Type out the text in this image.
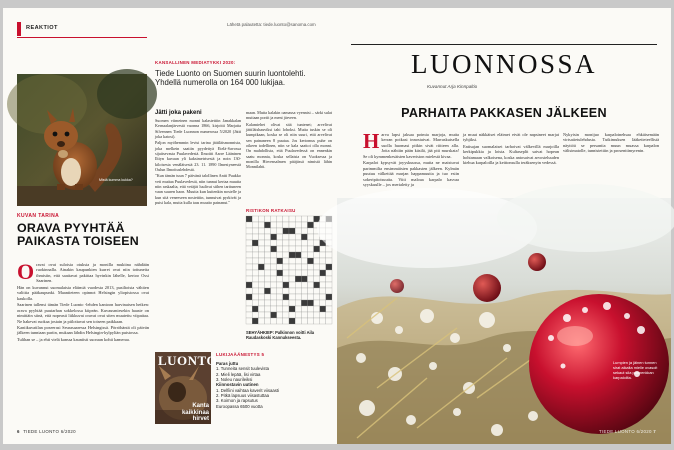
REAKTIOT
Lähetä palautetta: tiede.luonto@sanoma.com
Mistä kumma kukka?
KUVAN TARINA
ORAVA PYYHTÄÄ PAIKASTA TOISEEN
O ravat ovat suloisia otuksia ja monilla mukiina nähdään ruokinnalla. Ainakin kaupunkien kurret ovat niin tottuneita ihmisiin, että saattavat pakittaa hyvinkin lähelle, kertoo Ossi Saarinen.

Hän on kuvannut suomalaisia eläimiä vuodesta 2013, pusiltoista vähiten valittia pääkaupunki. Maantieteen opinnot Helsingin yliopistossa ovat kaukolla.

Saarinen tallensi tämän Tiede Luonto -lehden kantoon harvinaisen hetken: orava pyyhtää puutarhan sokkelossa kiipeän. Kuvausmiesekin haaste on nimittäin siinä, että nopeasti liikkuvat oravat ovat siten muutettu viipattaa. Ne hakevat ruokaa jostain ja piilottavat sen toiseen paikkaan.

Kaniikuvatilan poseerasi Seurasaaressa Helsingissä. Pörröhäntä oli päivän jälkeen tunniaan pariin, mukaan lähdin Helsingin-kylpyliän puistossa.

Tulihan se – ja ehti vielä kanssa kauniisti suoraan kohti kameraa.

KANSALLINEN MEDIATYKKI 2020:
Tiede Luonto on Suomen suurin luontolehti. Yhdellä numerolla on 164 000 lukijaa.
Jätti joka pakeni

Suomen viimeinen monni kalastettiin Janakkalan Kernaalanjärvestä vuonna 1866, kirjoitti Marjatta Silvennen Tiede Luonnon numerossa 5/2020 (Jätti joka katosi).

Paljon myöhemmin levisi tarina jättiläismonnista, joka melkein saatiin pyydettyä Etelä-Savossa sijaitsevasta Puulavedestä. Ilmoitti Aarre Lääninen Iltiyn kuvaan yli kaksimetrisestä ja noin 130-kiloisesta venäläisestä 23. 11. 1890 Ilmestyneestä Oulun Ilmoituslehdestä.

"Kun tämän tuun 7 päivänä talollinen Antti Puukko veti muttaa Puulavedestä, niin tunnui kertaa muutta niin raskaalta, että vetäjät luulivat siihen tarttuneen vaan suuren haon. Muutta kun kuitenkin nostelle ja kun sitä veneeseen nostettiin, tunnuivat pyrkivät ja puisi kala, mutta kulla taas muutto painanut."

maan. Mutta kalakin oamassa vyennisi – särki sulat muttaan portit ja meni järveen.

Kalamiehet olivat sitä tuntenet; arvelivat jättiläishauviksi tahi lohoksi. Mutta tuskin se oli kumpikaan, koska se oli niin suuri, että arvelivat sen painaneen 8 puutaa. Jos kertomus puhe on oikeen todellinen, niin se kala saattoi olla monni. On mahdollista, että Puulavedessä on ennenkin saatu monnia, koska sellaisia on Vuoksessa ja monilla Hirvensalmen pitäjässä nimistä lähin Monnilahti.

RISTIKON RATKAISU
SEHYÄHKIEP: Palkinnon voitti Aila Raudaskoski Kannukseesta.
LUONTO
Kanta kaikkinaa hirvet
LUKIJAÄÄNESTYS 5
Paras juttu
1. Tunneita sensit tuulevista
2. Mieli lepää, lisi virtaa
3. Noleu naurileiksi
Kiinnostavin uutinen
1. Delfiini vaihtaa kaverit viisaasti
2. Pitkä lapsuus viisastuttaa
3. Koirnon ja rapsutus
Euroopassa 6500 vuotta
6 TIEDE LUONTO 6/2020
LUONNOSSA
Kuvannut Arja Kinnpaltio
PARHAITA PAKKASEN JÄLKEEN
H arva lapsi jaksaa poimia marjoja, mutta kerran poikasi innostuivat. Marraskuisella suolla huomasi pitkin sivät riitteen alla. Jotta nähtiin pään käsilä, jää piti murskata! Se oli kymmenkesäisten kaveriston mielestä kivaa.

Karpalot kypsyvät joyyskuussa, mutta ne maistuvat parimmilta ensimmäisten pakkasten jälkeen. Kylmän puutuu välkettää marjan happamuutta ja tuo esiin sokeripitoisuutta. Viiti maloaa karpalo kasvaa syyskuulle – jos merialetty ja

ja muut näkkäiset eläimet eivät ole napsineet marjat tyhjiksi.

Entisajan suomalaiset tarhoivat välkevillä marjoilla kerkipukkia ja loista. Kultaseplit saivat hopean hohtamaan valkoisena, koska antosaivat arvosteluuden kiehua karpaloilla ja keittonsulla teräksenyin vedessä.

Nykyisin monijuo karpaloinehsaa ehkäisemään virtsatietulehdusta. Tutkimuksen lääketieteellistä näyttöä se persantia muun muassa karpalon välisimatolle, tunnistettiin ja prosenttimyrenin.

Lumpien ja jäinen tunnen sirat aikalta mielle ovasoit sekaut sila pounenkkan karpaloilta.
TIEDE LUONTO 6/2020 7
